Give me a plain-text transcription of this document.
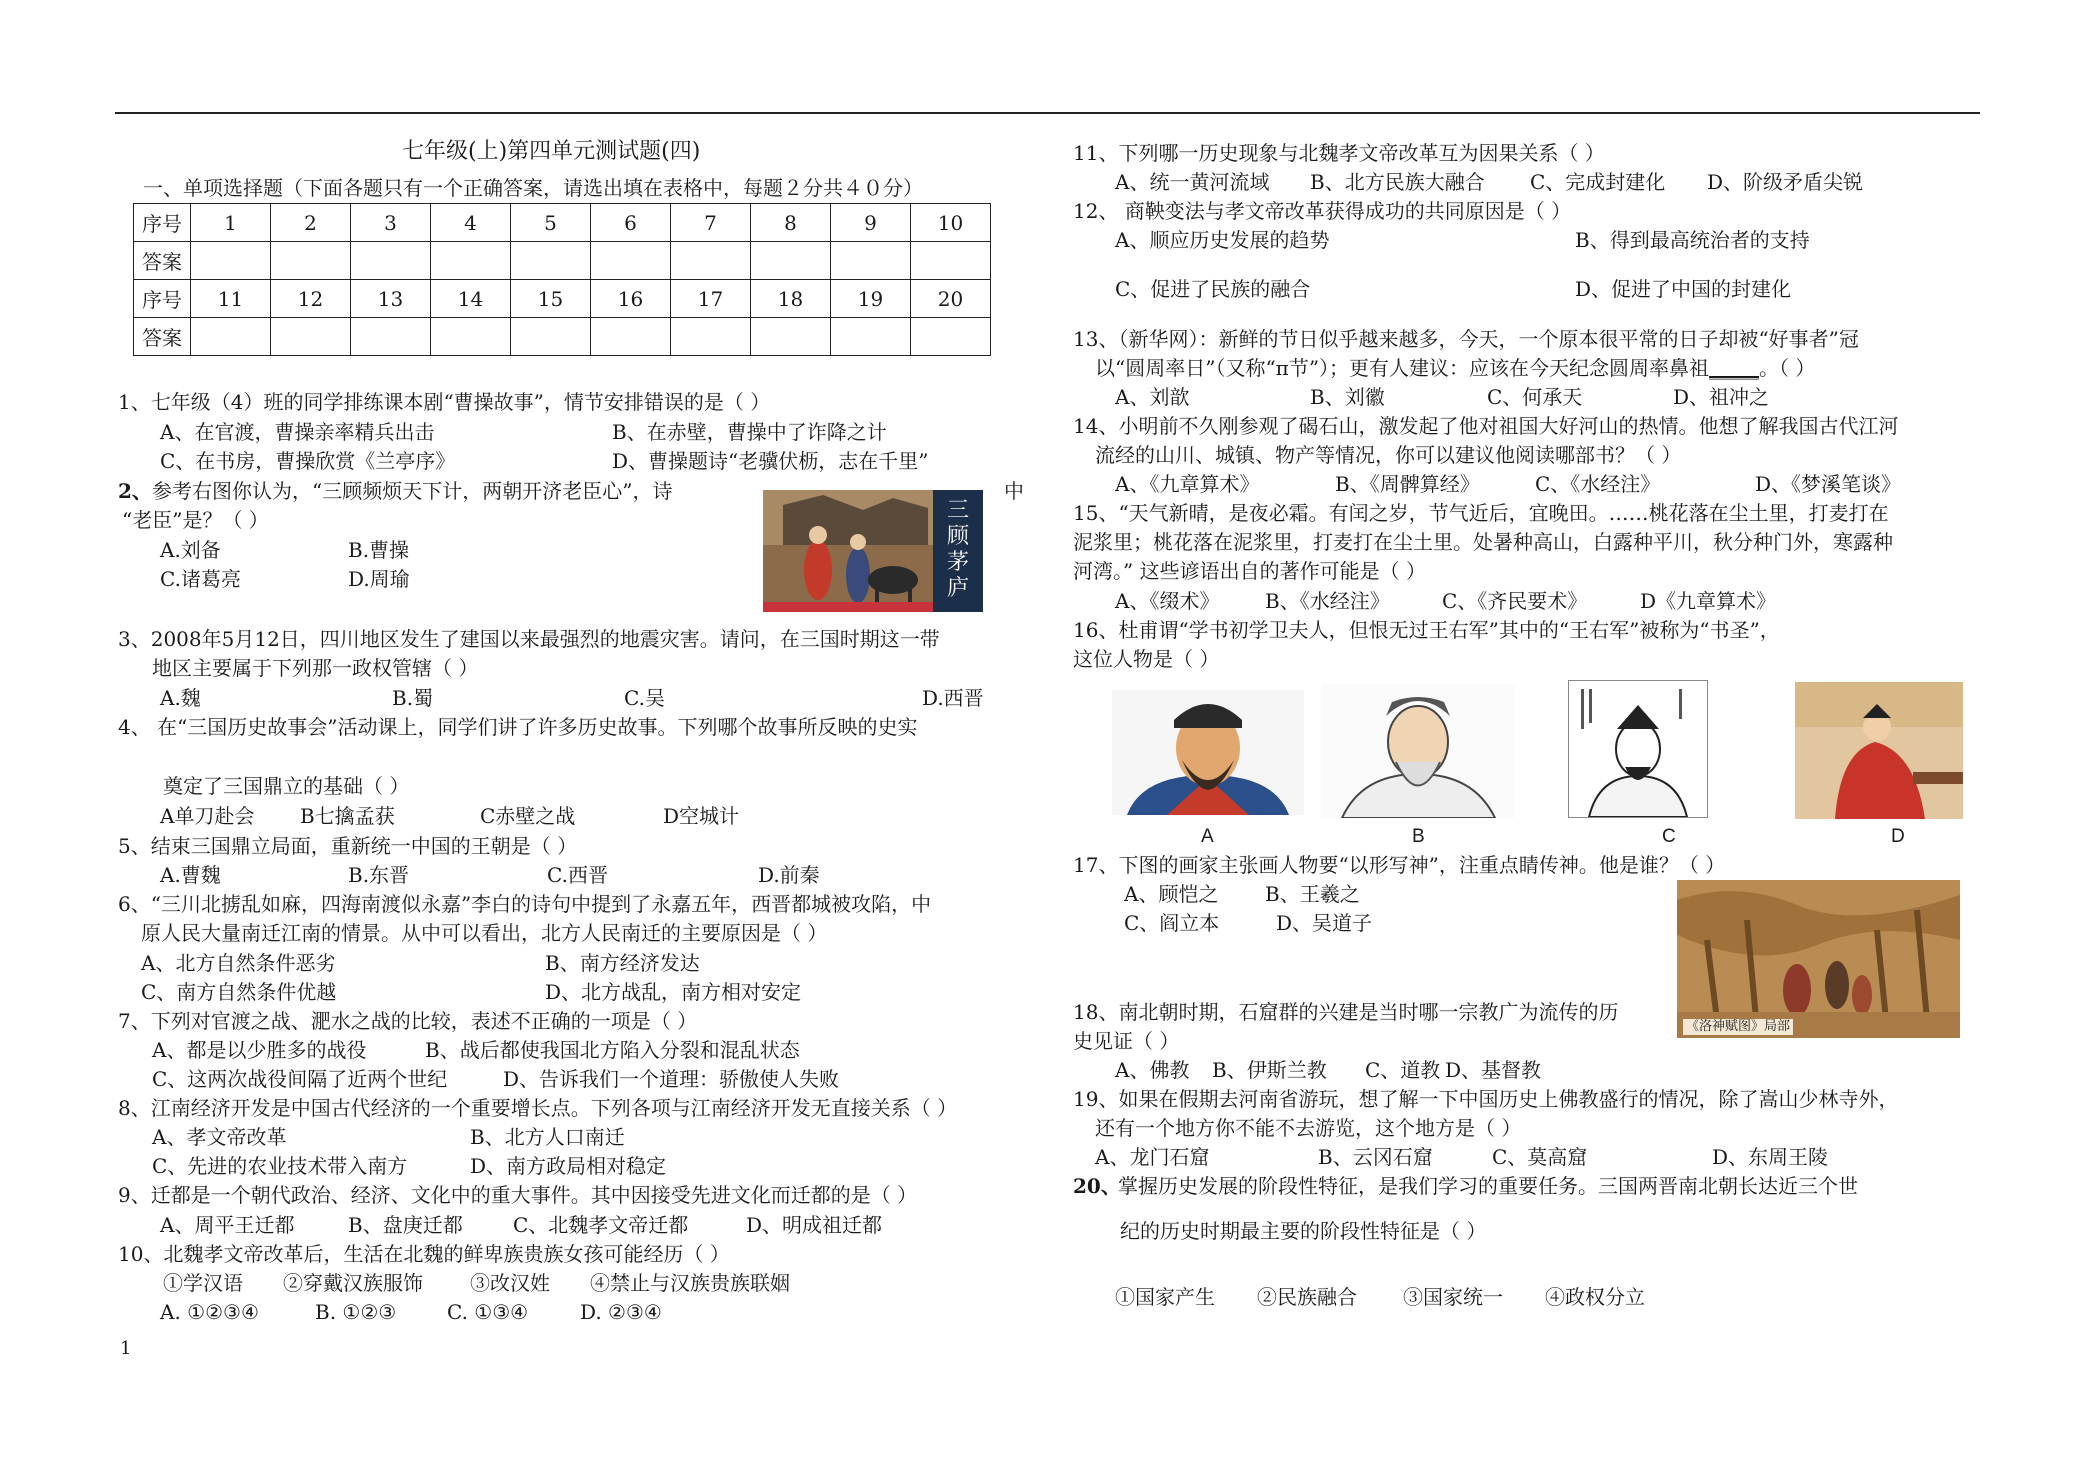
七年级(上)第四单元测试题(四)
一、单项选择题（下面各题只有一个正确答案，请选出填在表格中，每题２分共４０分）
序号	1	2	3	4	5	6	7	8	9	10
答案										
序号	11	12	13	14	15	16	17	18	19	20
答案										
1、七年级（4）班的同学排练课本剧“曹操故事”，情节安排错误的是（ ）
A、在官渡，曹操亲率精兵出击	B、在赤壁，曹操中了诈降之计
C、在书房，曹操欣赏《兰亭序》	D、曹操题诗“老骥伏枥，志在千里”
2、 参考右图你认为，“三顾频烦天下计，两朝开济老臣心”，诗	中
“老臣”是？（ ）
A.刘备	B.曹操
C.诸葛亮	D.周瑜
三顾茅庐
3、2008年5月12日，四川地区发生了建国以来最强烈的地震灾害。请问，在三国时期这一带
地区主要属于下列那一政权管辖（ ）
A.魏	B.蜀	C.吴	D.西晋
4、 在“三国历史故事会”活动课上，同学们讲了许多历史故事。下列哪个故事所反映的史实
奠定了三国鼎立的基础（ ）
A单刀赴会 B七擒孟获	C赤壁之战	D空城计
5、结束三国鼎立局面，重新统一中国的王朝是（ ）
A.曹魏	B.东晋	C.西晋	D.前秦
6、“三川北掳乱如麻，四海南渡似永嘉”李白的诗句中提到了永嘉五年，西晋都城被攻陷，中
原人民大量南迁江南的情景。从中可以看出，北方人民南迁的主要原因是（ ）
A、北方自然条件恶劣	B、南方经济发达
C、南方自然条件优越	D、北方战乱，南方相对安定
7、下列对官渡之战、淝水之战的比较，表述不正确的一项是（ ）
A、都是以少胜多的战役	B、战后都使我国北方陷入分裂和混乱状态
C、这两次战役间隔了近两个世纪	D、告诉我们一个道理：骄傲使人失败
8、江南经济开发是中国古代经济的一个重要增长点。下列各项与江南经济开发无直接关系（ ）
A、孝文帝改革	B、北方人口南迁
C、先进的农业技术带入南方	D、南方政局相对稳定
9、迁都是一个朝代政治、经济、文化中的重大事件。其中因接受先进文化而迁都的是（ ）
A、周平王迁都	B、盘庚迁都	C、北魏孝文帝迁都	D、明成祖迁都
10、北魏孝文帝改革后，生活在北魏的鲜卑族贵族女孩可能经历（ ）
①学汉语 ②穿戴汉族服饰 ③改汉姓 ④禁止与汉族贵族联姻
A. ①②③④	B. ①②③	C. ①③④	D. ②③④
1
11、下列哪一历史现象与北魏孝文帝改革互为因果关系（ ）
A、统一黄河流域 B、北方民族大融合 C、完成封建化 D、阶级矛盾尖锐
12、 商鞅变法与孝文帝改革获得成功的共同原因是（ ）
A、顺应历史发展的趋势	B、得到最高统治者的支持
C、促进了民族的融合	D、促进了中国的封建化
13、（新华网）：新鲜的节日似乎越来越多，今天，一个原本很平常的日子却被“好事者”冠
以“圆周率日”（又称“π节”）；更有人建议：应该在今天纪念圆周率鼻祖_____。（ ）
A、刘歆	B、刘徽	C、何承天	D、祖冲之
14、小明前不久刚参观了碣石山，激发起了他对祖国大好河山的热情。他想了解我国古代江河
流经的山川、城镇、物产等情况，你可以建议他阅读哪部书？（ ）
A、《九章算术》	B、《周髀算经》	C、《水经注》	D、《梦溪笔谈》
15、“天气新晴，是夜必霜。有闰之岁，节气近后，宜晚田。……桃花落在尘土里，打麦打在
泥浆里；桃花落在泥浆里，打麦打在尘土里。处暑种高山，白露种平川，秋分种门外，寒露种
河湾。” 这些谚语出自的著作可能是（ ）
A、《缀术》 B、《水经注》	C、《齐民要术》	D《九章算术》
16、杜甫谓“学书初学卫夫人，但恨无过王右军”其中的“王右军”被称为“书圣”，
这位人物是（ ）
A	B	C	D
17、下图的画家主张画人物要“以形写神”，注重点睛传神。他是谁？（ ）
A、顾恺之 B、王羲之
C、阎立本	D、吴道子
《洛神赋图》局部
18、南北朝时期，石窟群的兴建是当时哪一宗教广为流传的历
史见证（ ）
A、佛教 B、伊斯兰教 C、道教 D、基督教
19、如果在假期去河南省游玩，想了解一下中国历史上佛教盛行的情况，除了嵩山少林寺外，
还有一个地方你不能不去游览，这个地方是（ ）
A、龙门石窟	B、云冈石窟	C、莫高窟	D、东周王陵
20、
掌握历史发展的阶段性特征，是我们学习的重要任务。三国两晋南北朝长达近三个世
纪的历史时期最主要的阶段性特征是（ ）
①国家产生 ②民族融合 ③国家统一 ④政权分立
